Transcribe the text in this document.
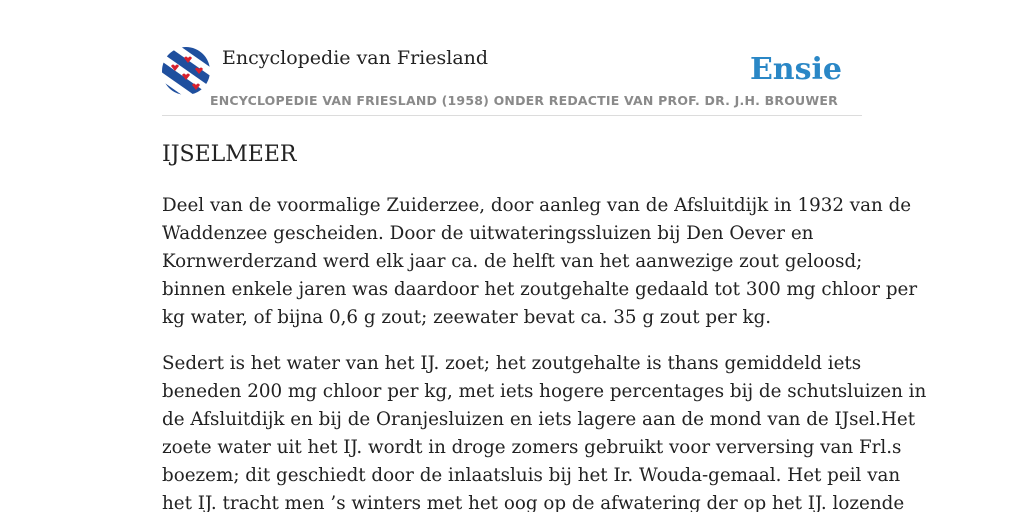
Encyclopedie van Friesland	Ensie
ENCYCLOPEDIE VAN FRIESLAND (1958) ONDER REDACTIE VAN PROF. DR. J.H. BROUWER
IJSELMEER

Deel van de voormalige Zuiderzee, door aanleg van de Afsluitdijk in 1932 van de
Waddenzee gescheiden. Door de uitwateringssluizen bij Den Oever en
Kornwerderzand werd elk jaar ca. de helft van het aanwezige zout geloosd;
binnen enkele jaren was daardoor het zoutgehalte gedaald tot 300 mg chloor per
kg water, of bijna 0,6 g zout; zeewater bevat ca. 35 g zout per kg.

Sedert is het water van het IJ. zoet; het zoutgehalte is thans gemiddeld iets
beneden 200 mg chloor per kg, met iets hogere percentages bij de schutsluizen in
de Afsluitdijk en bij de Oranjesluizen en iets lagere aan de mond van de IJsel.Het
zoete water uit het IJ. wordt in droge zomers gebruikt voor verversing van Frl.s
boezem; dit geschiedt door de inlaatsluis bij het Ir. Wouda-gemaal. Het peil van
het IJ. tracht men ’s winters met het oog op de afwatering der op het IJ. lozende
